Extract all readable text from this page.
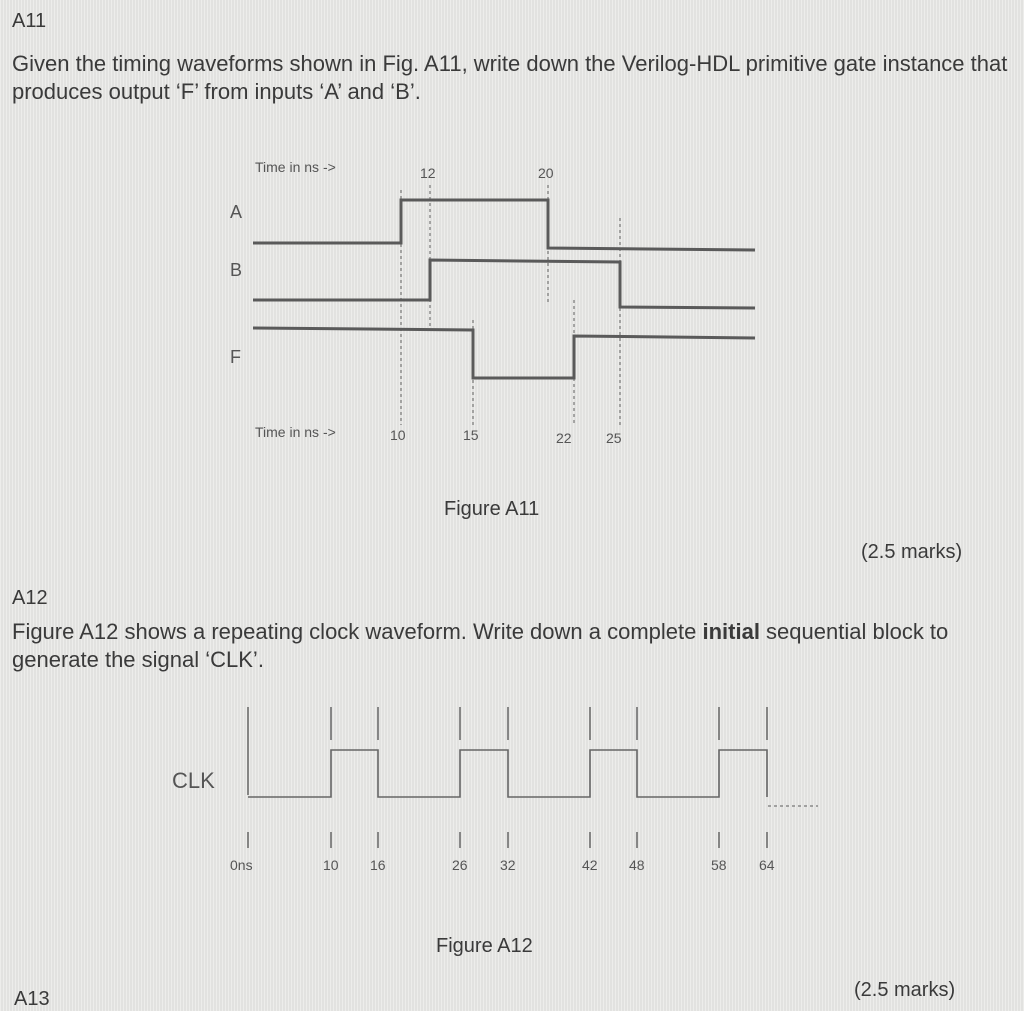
A11
Given the timing waveforms shown in Fig. A11, write down the Verilog-HDL primitive gate instance that produces output ‘F’ from inputs ‘A’ and ‘B’.
Time in ns ->	12	20
A
B
F
Time in ns ->	10	15	22 25
CLK
0ns	10 16	26 32	42 48	58 64
Figure A11
(2.5 marks)
A12
Figure A12 shows a repeating clock waveform. Write down a complete initial sequential block to generate the signal ‘CLK’.
Figure A12
(2.5 marks)
A13
